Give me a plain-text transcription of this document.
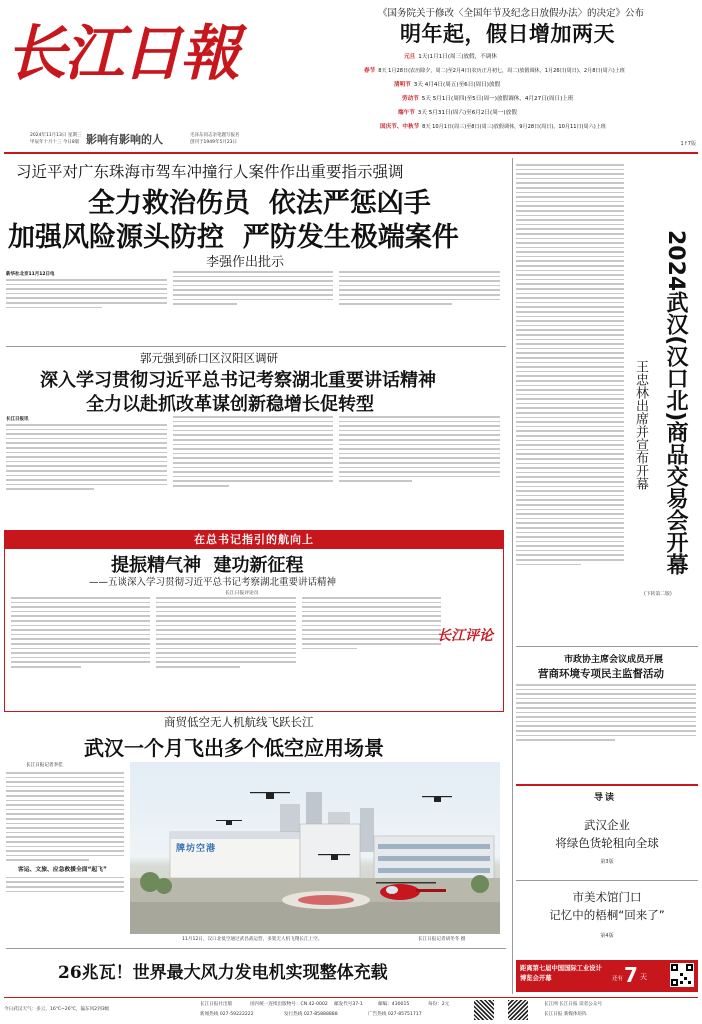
长江日報
2024年11月13日 星期三
甲辰年十月十三 今日8版 影响有影响的人	毛泽东同志亲笔题写报名
创刊于1949年5月23日
《国务院关于修改〈全国年节及纪念日放假办法〉的决定》公布
明年起，假日增加两天
元旦 1天(1月1日(周三)放假，不调休
春节 8天 1月28日(农历除夕，周二)至2月4日(农历正月初七，周二)放假调休，1月26日(周日)、2月8日(周六)上班
清明节 3天 4月4日(周五)至6日(周日)放假
劳动节 5天 5月1日(周四)至5日(周一)放假调休，4月27日(周日)上班
端午节 3天 5月31日(周六)至6月2日(周一)放假
国庆节、中秋节 8天 10月1日(周三)至8日(周三)放假调休，9月28日(周日)、10月11日(周六)上班
1↑7版
习近平对广东珠海市驾车冲撞行人案件作出重要指示强调
全力救治伤员  依法严惩凶手
加强风险源头防控  严防发生极端案件
李强作出批示
新华社北京11月12日电
郭元强到硚口区汉阳区调研
深入学习贯彻习近平总书记考察湖北重要讲话精神
全力以赴抓改革谋创新稳增长促转型
长江日报讯
在总书记指引的航向上
提振精气神  建功新征程
——五谈深入学习贯彻习近平总书记考察湖北重要讲话精神
长江日报评论员
长江评论
商贸低空无人机航线飞跃长江
武汉一个月飞出多个低空应用场景
长江日报记者李佳
客运、文旅、应急救援全面“起飞”
牌坊空港
11月12日，汉口北低空通过武昌战运营，多架无人机飞翔长江上空。	长江日报记者胡冬冬 摄
26兆瓦！世界最大风力发电机实现整体充载
2024武汉(汉口北)商品交易会开幕
王忠林出席并宣布开幕
(下转第二版)
市政协主席会议成员开展
营商环境专项民主监督活动
导读
武汉企业
将绿色货轮租向全球
第3版
市美术馆门口
记忆中的梧桐“回来了”
第4版
距离第七届中国国际工业设计博览会开幕	还有 7 天
今日武汉天气：多云，16℃~26℃，偏东风2到3级
长江日报社出版	国内统一连续出版物号：CN 42-0002 邮发代号37-1	邮编：430015	每份：2元
新闻热线 027-59222222	发行热线 027-85888888	广告热线 027-85751717
长江网 长江日报 读者公众号
长江日报 新媒体矩阵
